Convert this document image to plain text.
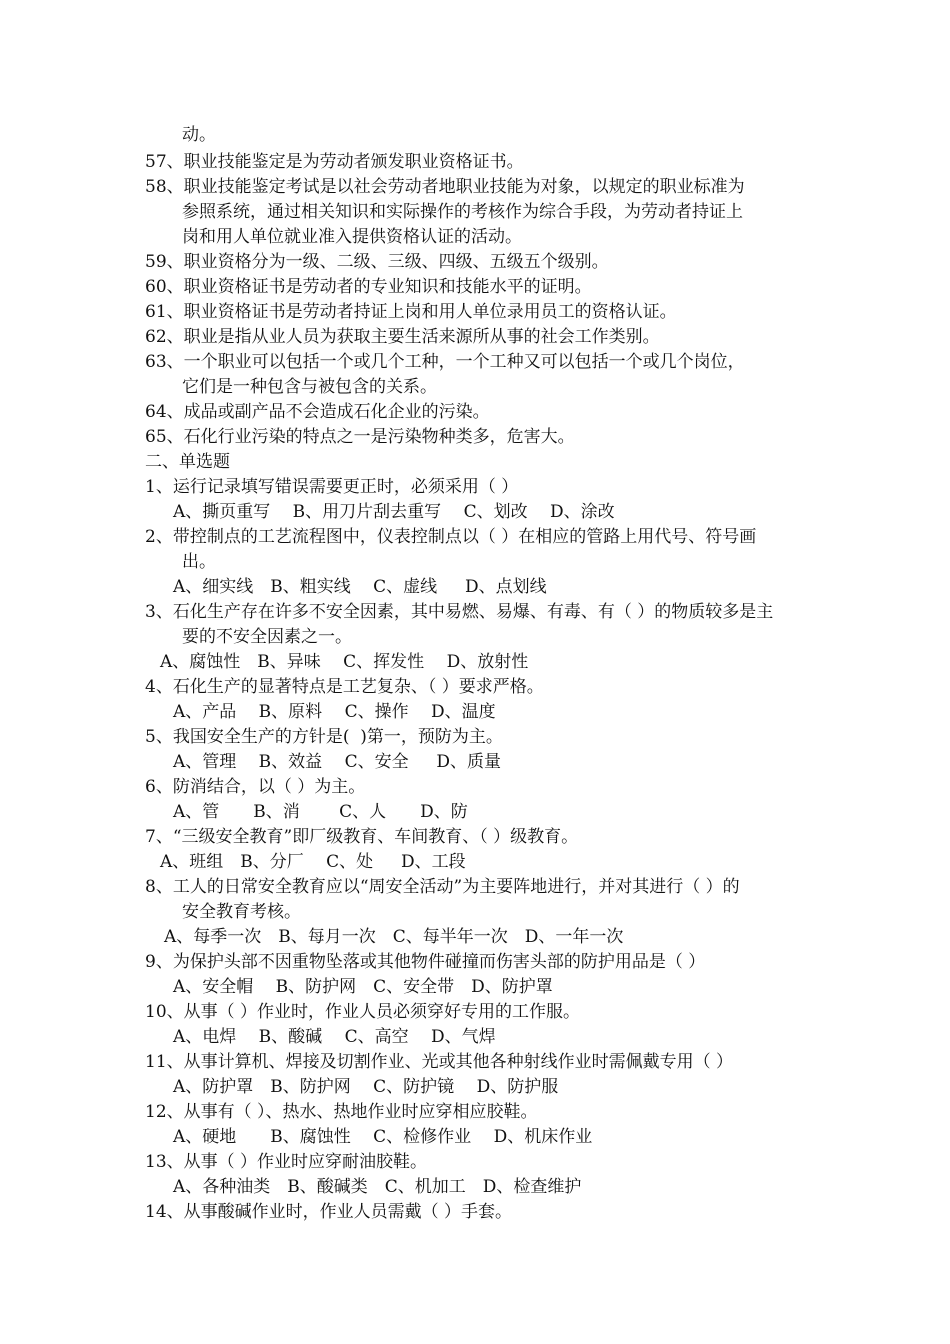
动。
57、职业技能鉴定是为劳动者颁发职业资格证书。
58、职业技能鉴定考试是以社会劳动者地职业技能为对象，以规定的职业标准为
参照系统，通过相关知识和实际操作的考核作为综合手段，为劳动者持证上
岗和用人单位就业准入提供资格认证的活动。
59、职业资格分为一级、二级、三级、四级、五级五个级别。
60、职业资格证书是劳动者的专业知识和技能水平的证明。
61、职业资格证书是劳动者持证上岗和用人单位录用员工的资格认证。
62、职业是指从业人员为获取主要生活来源所从事的社会工作类别。
63、一个职业可以包括一个或几个工种，一个工种又可以包括一个或几个岗位，
它们是一种包含与被包含的关系。
64、成品或副产品不会造成石化企业的污染。
65、石化行业污染的特点之一是污染物种类多，危害大。
二、单选题
1、运行记录填写错误需要更正时，必须采用（ ）
A、撕页重写　 B、用刀片刮去重写　 C、划改　 D、涂改
2、带控制点的工艺流程图中，仪表控制点以（ ）在相应的管路上用代号、符号画
出。
A、细实线　B、粗实线　 C、虚线　  D、点划线
3、石化生产存在许多不安全因素，其中易燃、易爆、有毒、有（ ）的物质较多是主
要的不安全因素之一。
A、腐蚀性　B、异味　 C、挥发性　 D、放射性
4、石化生产的显著特点是工艺复杂、（ ）要求严格。
A、产品　 B、原料　 C、操作　 D、温度
5、我国安全生产的方针是(  )第一，预防为主。
A、管理　 B、效益　 C、安全　  D、质量
6、防消结合，以（ ）为主。
A、管　　B、消　　 C、人　　D、防
7、“三级安全教育”即厂级教育、车间教育、（ ）级教育。
A、班组　B、分厂　 C、处　  D、工段
8、工人的日常安全教育应以“周安全活动”为主要阵地进行，并对其进行（ ）的
安全教育考核。
A、每季一次　B、每月一次　C、每半年一次　D、一年一次
9、为保护头部不因重物坠落或其他物件碰撞而伤害头部的防护用品是（ ）
A、安全帽　 B、防护网　C、安全带　D、防护罩
10、从事（ ）作业时，作业人员必须穿好专用的工作服。
A、电焊　 B、酸碱　 C、高空　 D、气焊
11、从事计算机、焊接及切割作业、光或其他各种射线作业时需佩戴专用（ ）
A、防护罩　B、防护网　 C、防护镜　 D、防护服
12、从事有（ ）、热水、热地作业时应穿相应胶鞋。
A、硬地　　B、腐蚀性　 C、检修作业　 D、机床作业
13、从事（ ）作业时应穿耐油胶鞋。
A、各种油类　B、酸碱类　C、机加工　D、检查维护
14、从事酸碱作业时，作业人员需戴（ ）手套。
